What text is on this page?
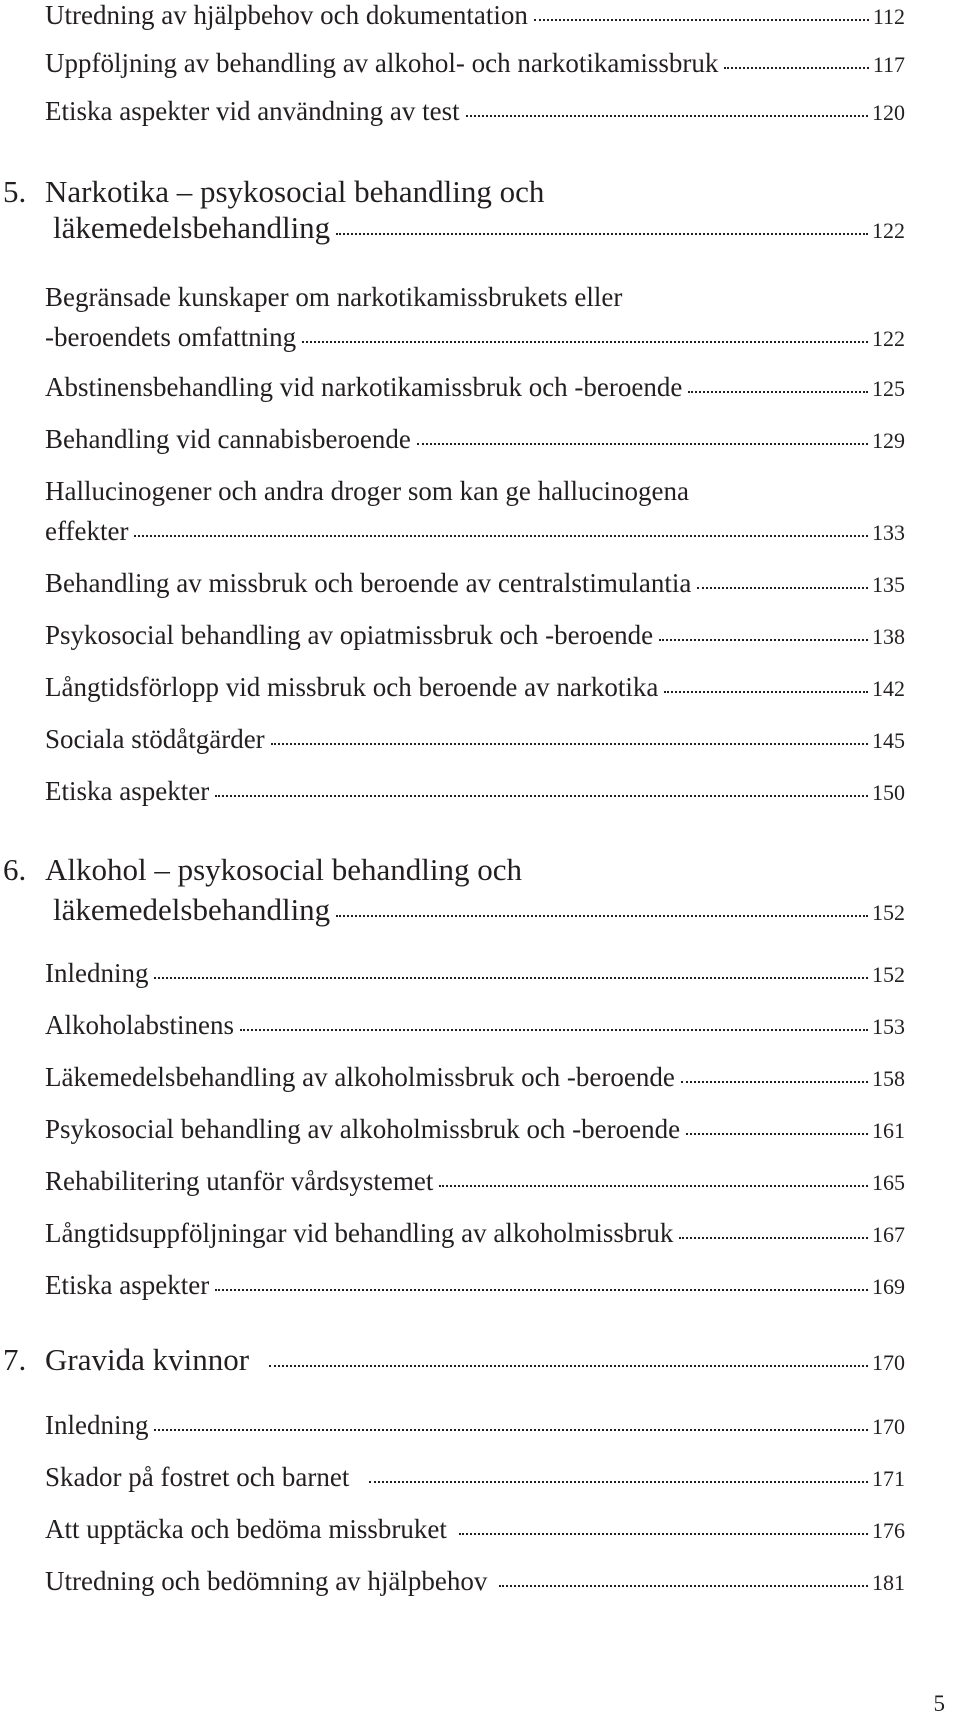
Utredning av hjälpbehov och dokumentation	112
Uppföljning av behandling av alkohol- och narkotikamissbruk	117
Etiska aspekter vid användning av test	120
5. Narkotika – psykosocial behandling och
läkemedelsbehandling	122
Begränsade kunskaper om narkotikamissbrukets eller
-beroendets omfattning	122
Abstinensbehandling vid narkotikamissbruk och -beroende	125
Behandling vid cannabisberoende	129
Hallucinogener och andra droger som kan ge hallucinogena
effekter	133
Behandling av missbruk och beroende av centralstimulantia	135
Psykosocial behandling av opiatmissbruk och -beroende	138
Långtidsförlopp vid missbruk och beroende av narkotika	142
Sociala stödåtgärder	145
Etiska aspekter	150
6. Alkohol – psykosocial behandling och
läkemedelsbehandling	152
Inledning	152
Alkoholabstinens	153
Läkemedelsbehandling av alkoholmissbruk och -beroende	158
Psykosocial behandling av alkoholmissbruk och -beroende	161
Rehabilitering utanför vårdsystemet	165
Långtidsuppföljningar vid behandling av alkoholmissbruk	167
Etiska aspekter	169
7. Gravida kvinnor	170
Inledning	170
Skador på fostret och barnet	171
Att upptäcka och bedöma missbruket	176
Utredning och bedömning av hjälpbehov	181
5
